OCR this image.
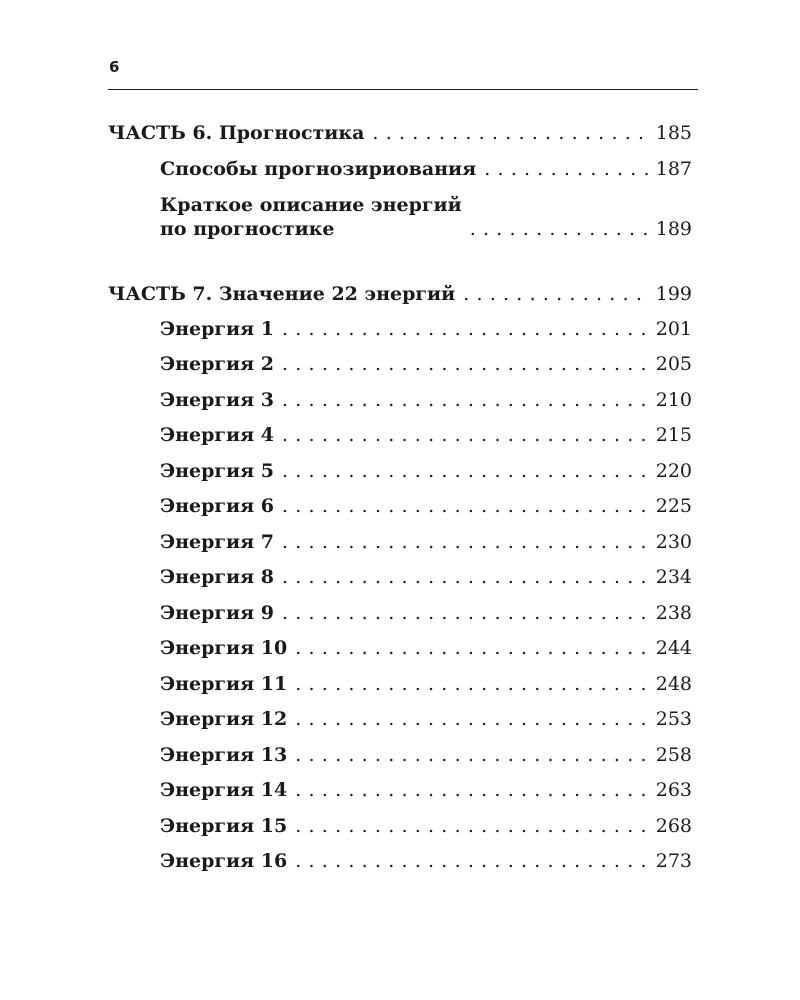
6
ЧАСТЬ 6. Прогностика . . .	185
Способы прогнозириования . . .	187
Краткое описание энергий
по прогностике . . .	189
ЧАСТЬ 7. Значение 22 энергий . . .	199
Энергия 1 . . .	201
Энергия 2 . . .	205
Энергия 3 . . .	210
Энергия 4 . . .	215
Энергия 5 . . .	220
Энергия 6 . . .	225
Энергия 7 . . .	230
Энергия 8 . . .	234
Энергия 9 . . .	238
Энергия 10 . . .	244
Энергия 11 . . .	248
Энергия 12 . . .	253
Энергия 13 . . .	258
Энергия 14 . . .	263
Энергия 15 . . .	268
Энергия 16 . . .	273
